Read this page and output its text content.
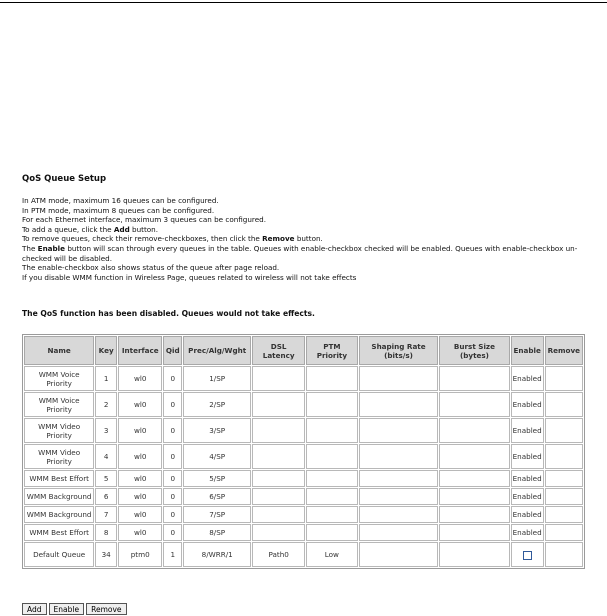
QoS Queue Setup

In ATM mode, maximum 16 queues can be configured.

In PTM mode, maximum 8 queues can be configured.

For each Ethernet interface, maximum 3 queues can be configured.

To add a queue, click the Add button.

To remove queues, check their remove-checkboxes, then click the Remove button.

The Enable button will scan through every queues in the table. Queues with enable-checkbox checked will be enabled. Queues with enable-checkbox un-checked will be disabled.

The enable-checkbox also shows status of the queue after page reload.

If you disable WMM function in Wireless Page, queues related to wireless will not take effects

The QoS function has been disabled. Queues would not take effects.
Name	Key	Interface	Qid	Prec/Alg/Wght	DSL Latency	PTM Priority	Shaping Rate (bits/s)	Burst Size (bytes)	Enable	Remove
WMM Voice Priority	1	wl0	0	1/SP					Enabled	
WMM Voice Priority	2	wl0	0	2/SP					Enabled	
WMM Video Priority	3	wl0	0	3/SP					Enabled	
WMM Video Priority	4	wl0	0	4/SP					Enabled	
WMM Best Effort	5	wl0	0	5/SP					Enabled	
WMM Background	6	wl0	0	6/SP					Enabled	
WMM Background	7	wl0	0	7/SP					Enabled	
WMM Best Effort	8	wl0	0	8/SP					Enabled	
Default Queue	34	ptm0	1	8/WRR/1	Path0	Low				
Add Enable Remove
